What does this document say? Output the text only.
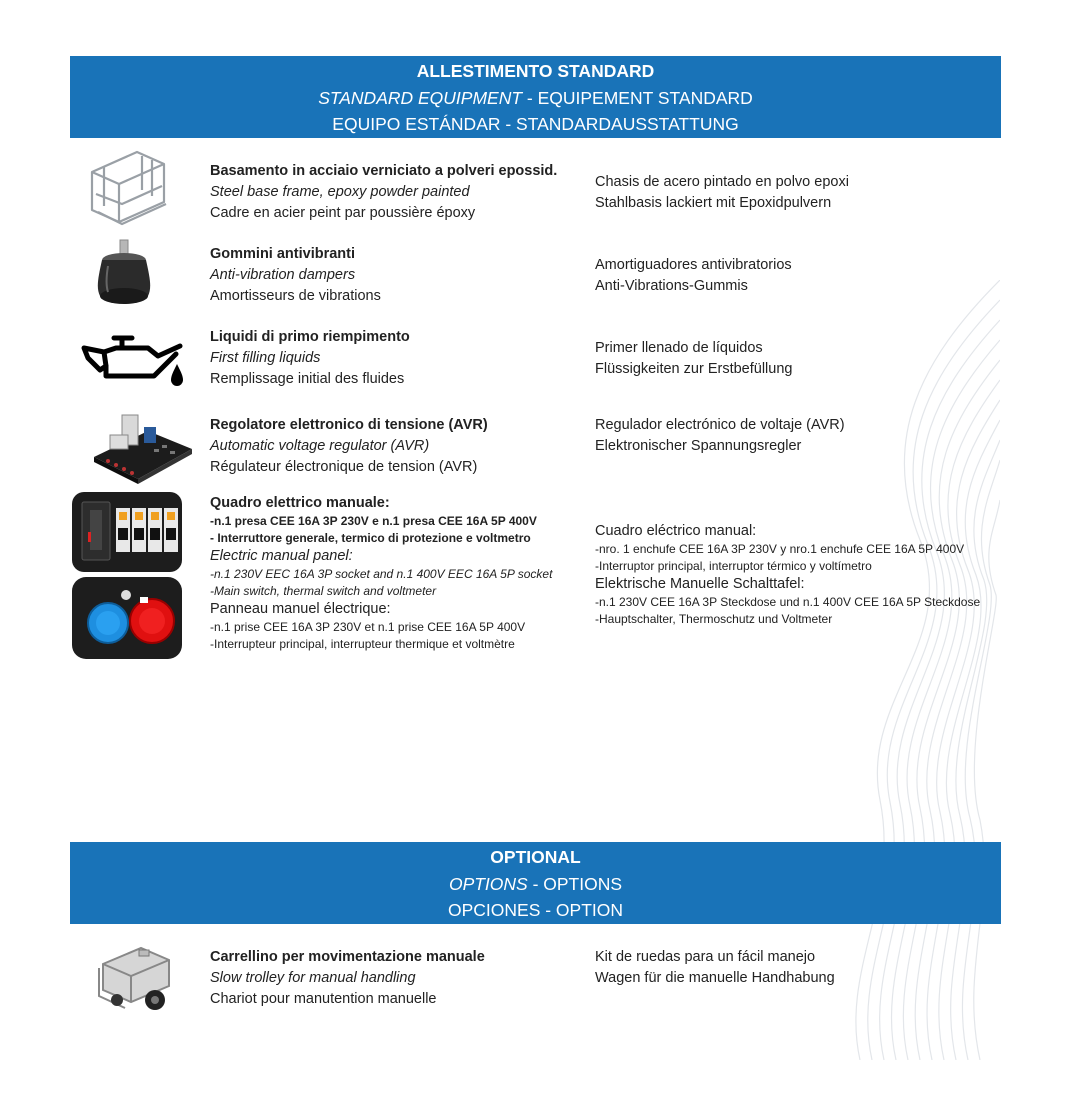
ALLESTIMENTO STANDARD
STANDARD EQUIPMENT - EQUIPEMENT STANDARD
EQUIPO ESTÁNDAR - STANDARDAUSSTATTUNG
Basamento in acciaio verniciato a polveri epossid.
Steel base frame, epoxy powder painted
Cadre en acier peint par poussière époxy
Chasis de acero pintado en polvo epoxi
Stahlbasis lackiert mit Epoxidpulvern
Gommini antivibranti
Anti-vibration dampers
Amortisseurs de vibrations
Amortiguadores antivibratorios
Anti-Vibrations-Gummis
Liquidi di primo riempimento
First filling liquids
Remplissage initial des fluides
Primer llenado de líquidos
Flüssigkeiten zur Erstbefüllung
Regolatore elettronico di tensione (AVR)
Automatic voltage regulator (AVR)
Régulateur électronique de tension (AVR)
Regulador electrónico de voltaje (AVR)
Elektronischer Spannungsregler
Quadro elettrico manuale:
-n.1 presa CEE 16A 3P 230V e n.1 presa CEE 16A 5P 400V
- Interruttore generale, termico di protezione e voltmetro
Electric manual panel:
-n.1 230V EEC 16A 3P socket and n.1 400V EEC 16A 5P socket
-Main switch, thermal switch and voltmeter
Panneau manuel électrique:
-n.1 prise CEE 16A 3P 230V et n.1 prise CEE 16A 5P 400V
-Interrupteur principal, interrupteur thermique et voltmètre
Cuadro eléctrico manual:
-nro. 1 enchufe CEE 16A 3P 230V y nro.1 enchufe CEE 16A 5P 400V
-Interruptor principal, interruptor térmico y voltímetro
Elektrische Manuelle Schalttafel:
-n.1 230V CEE 16A 3P Steckdose und n.1 400V CEE 16A 5P Steckdose
-Hauptschalter, Thermoschutz und Voltmeter
OPTIONAL
OPTIONS - OPTIONS
OPCIONES - OPTION
Carrellino per movimentazione manuale
Slow trolley for manual handling
Chariot pour manutention manuelle
Kit de ruedas para un fácil manejo
Wagen für die manuelle Handhabung
